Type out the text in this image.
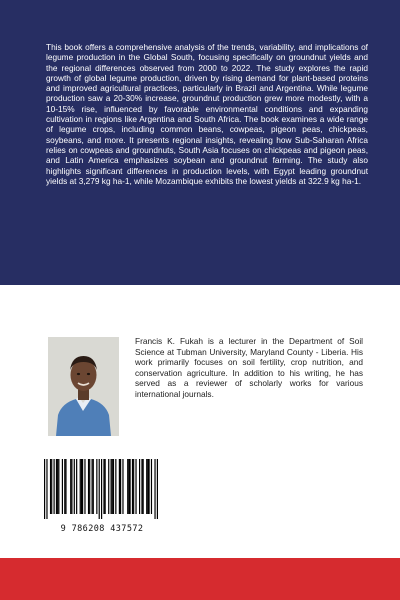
This book offers a comprehensive analysis of the trends, variability, and implications of legume production in the Global South, focusing specifically on groundnut yields and the regional differences observed from 2000 to 2022. The study explores the rapid growth of global legume production, driven by rising demand for plant-based proteins and improved agricultural practices, particularly in Brazil and Argentina. While legume production saw a 20-30% increase, groundnut production grew more modestly, with a 10-15% rise, influenced by favorable environmental conditions and expanding cultivation in regions like Argentina and South Africa. The book examines a wide range of legume crops, including common beans, cowpeas, pigeon peas, chickpeas, soybeans, and more. It presents regional insights, revealing how Sub-Saharan Africa relies on cowpeas and groundnuts, South Asia focuses on chickpeas and pigeon peas, and Latin America emphasizes soybean and groundnut farming. The study also highlights significant differences in production levels, with Egypt leading groundnut yields at 3,279 kg ha-1, while Mozambique exhibits the lowest yields at 322.9 kg ha-1.

Francis K. Fukah is a lecturer in the Department of Soil Science at Tubman University, Maryland County - Liberia. His work primarily focuses on soil fertility, crop nutrition, and conservation agriculture. In addition to his writing, he has served as a reviewer of scholarly works for various international journals.

9 786208 437572
